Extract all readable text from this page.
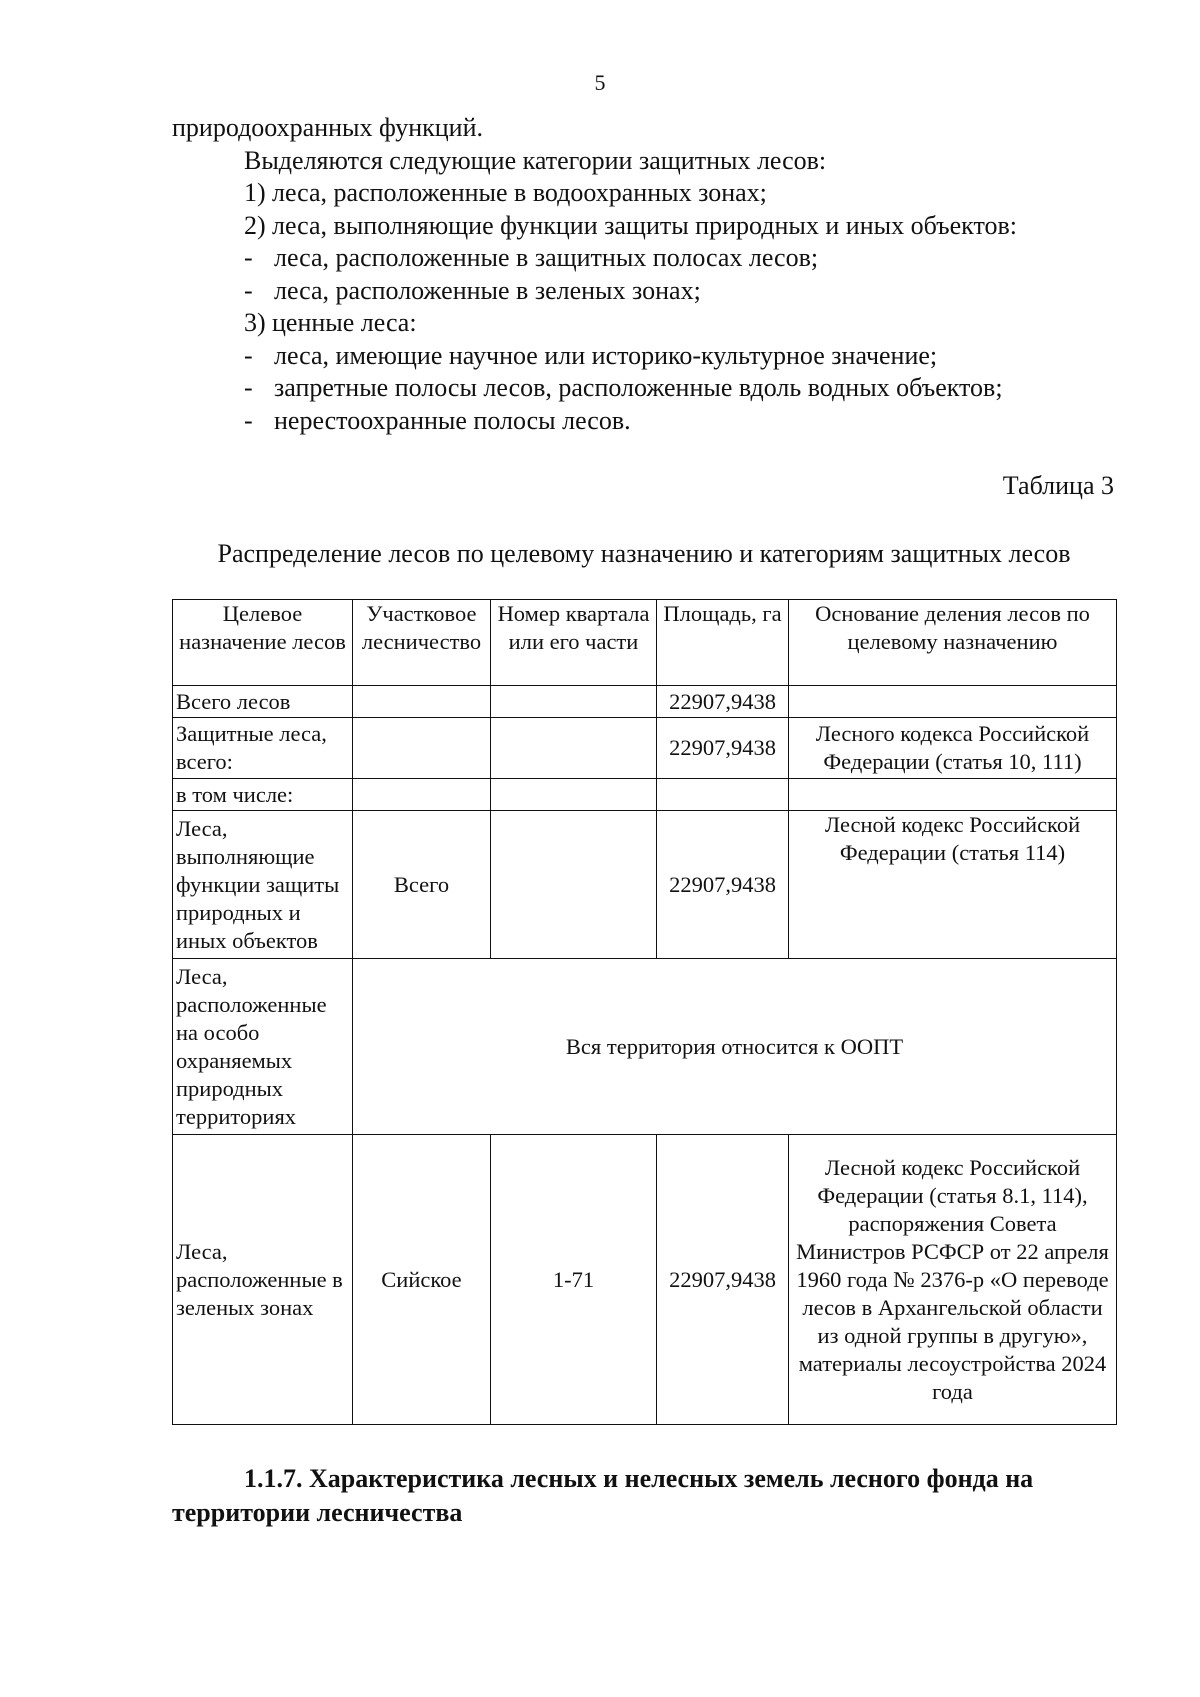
5
природоохранных функций.
Выделяются следующие категории защитных лесов:
1) леса, расположенные в водоохранных зонах;
2) леса, выполняющие функции защиты природных и иных объектов:
- леса, расположенные в защитных полосах лесов;
- леса, расположенные в зеленых зонах;
3) ценные леса:
- леса, имеющие научное или историко-культурное значение;
- запретные полосы лесов, расположенные вдоль водных объектов;
- нерестоохранные полосы лесов.
Таблица 3
Распределение лесов по целевому назначению и категориям защитных лесов
Целевое назначение лесов	Участковое лесничество	Номер квартала или его части	Площадь, га	Основание деления лесов по целевому назначению
Всего лесов			22907,9438	
Защитные леса, всего:			22907,9438	Лесного кодекса Российской Федерации (статья 10, 111)
в том числе:				
Леса, выполняющие функции защиты природных и иных объектов	Всего		22907,9438	Лесной кодекс Российской Федерации (статья 114)
Леса, расположенные на особо охраняемых природных территориях	Вся территория относится к ООПТ			
Леса, расположенные в зеленых зонах	Сийское	1-71	22907,9438	Лесной кодекс Российской Федерации (статья 8.1, 114), распоряжения Совета Министров РСФСР от 22 апреля 1960 года № 2376-р «О переводе лесов в Архангельской области из одной группы в другую», материалы лесоустройства 2024 года
1.1.7. Характеристика лесных и нелесных земель лесного фонда на
территории лесничества
